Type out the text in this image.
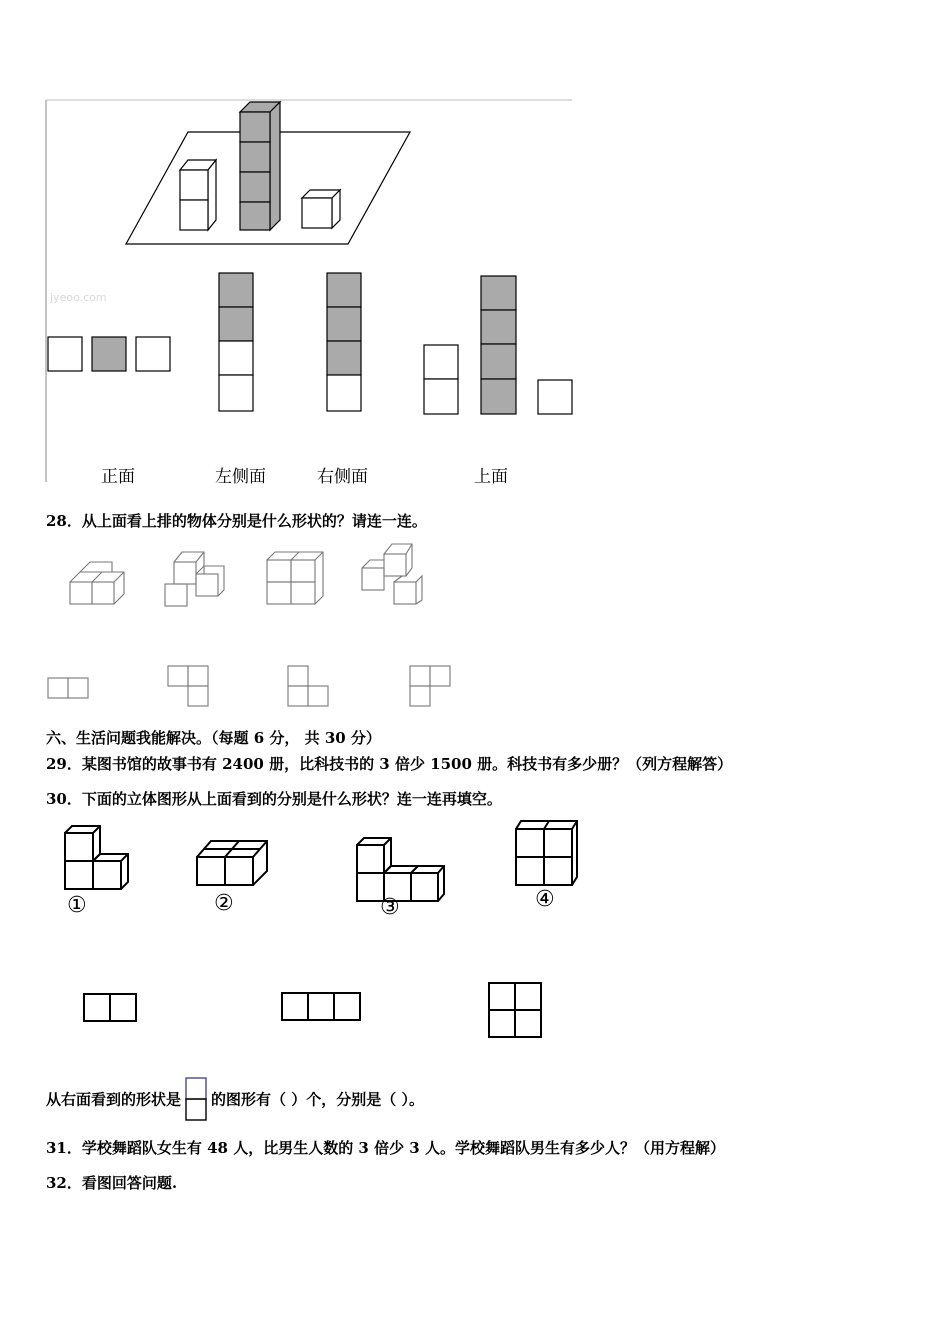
jyeoo.com
正面	左侧面	右侧面	上面
28．从上面看上排的物体分别是什么形状的？请连一连。
六、生活问题我能解决。（每题 6 分， 共 30 分）
29．某图书馆的故事书有 2400 册，比科技书的 3 倍少 1500 册。科技书有多少册？（列方程解答）
30．下面的立体图形从上面看到的分别是什么形状？连一连再填空。
①	②	③	④
从右面看到的形状是 的图形有（ ）个，分别是（ ）。
31．学校舞蹈队女生有 48 人，比男生人数的 3 倍少 3 人。学校舞蹈队男生有多少人？（用方程解）
32．看图回答问题.
